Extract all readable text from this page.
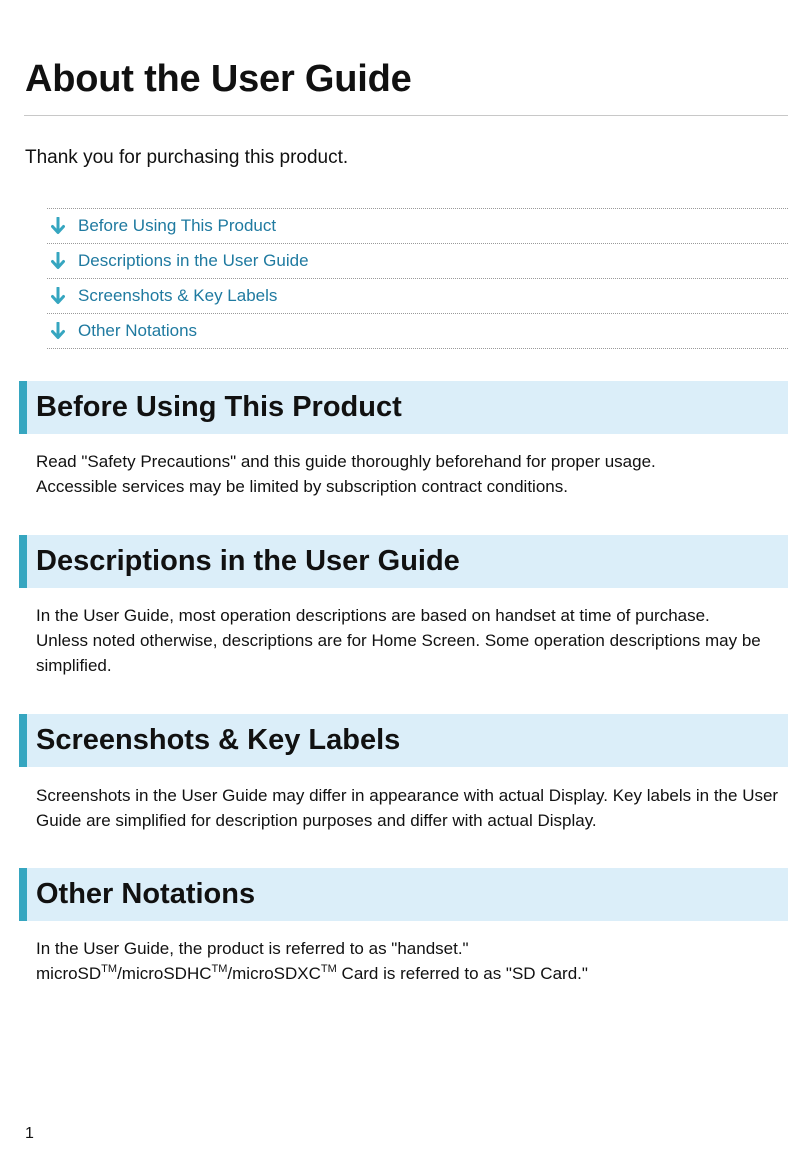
About the User Guide

Thank you for purchasing this product.

Before Using This Product
Descriptions in the User Guide
Screenshots & Key Labels
Other Notations
Before Using This Product

Read "Safety Precautions" and this guide thoroughly beforehand for proper usage.

Accessible services may be limited by subscription contract conditions.

Descriptions in the User Guide

In the User Guide, most operation descriptions are based on handset at time of purchase.

Unless noted otherwise, descriptions are for Home Screen. Some operation descriptions may be simplified.

Screenshots & Key Labels

Screenshots in the User Guide may differ in appearance with actual Display. Key labels in the User Guide are simplified for description purposes and differ with actual Display.

Other Notations

In the User Guide, the product is referred to as "handset."

microSD™/microSDHC™/microSDXC™ Card is referred to as "SD Card."

1
